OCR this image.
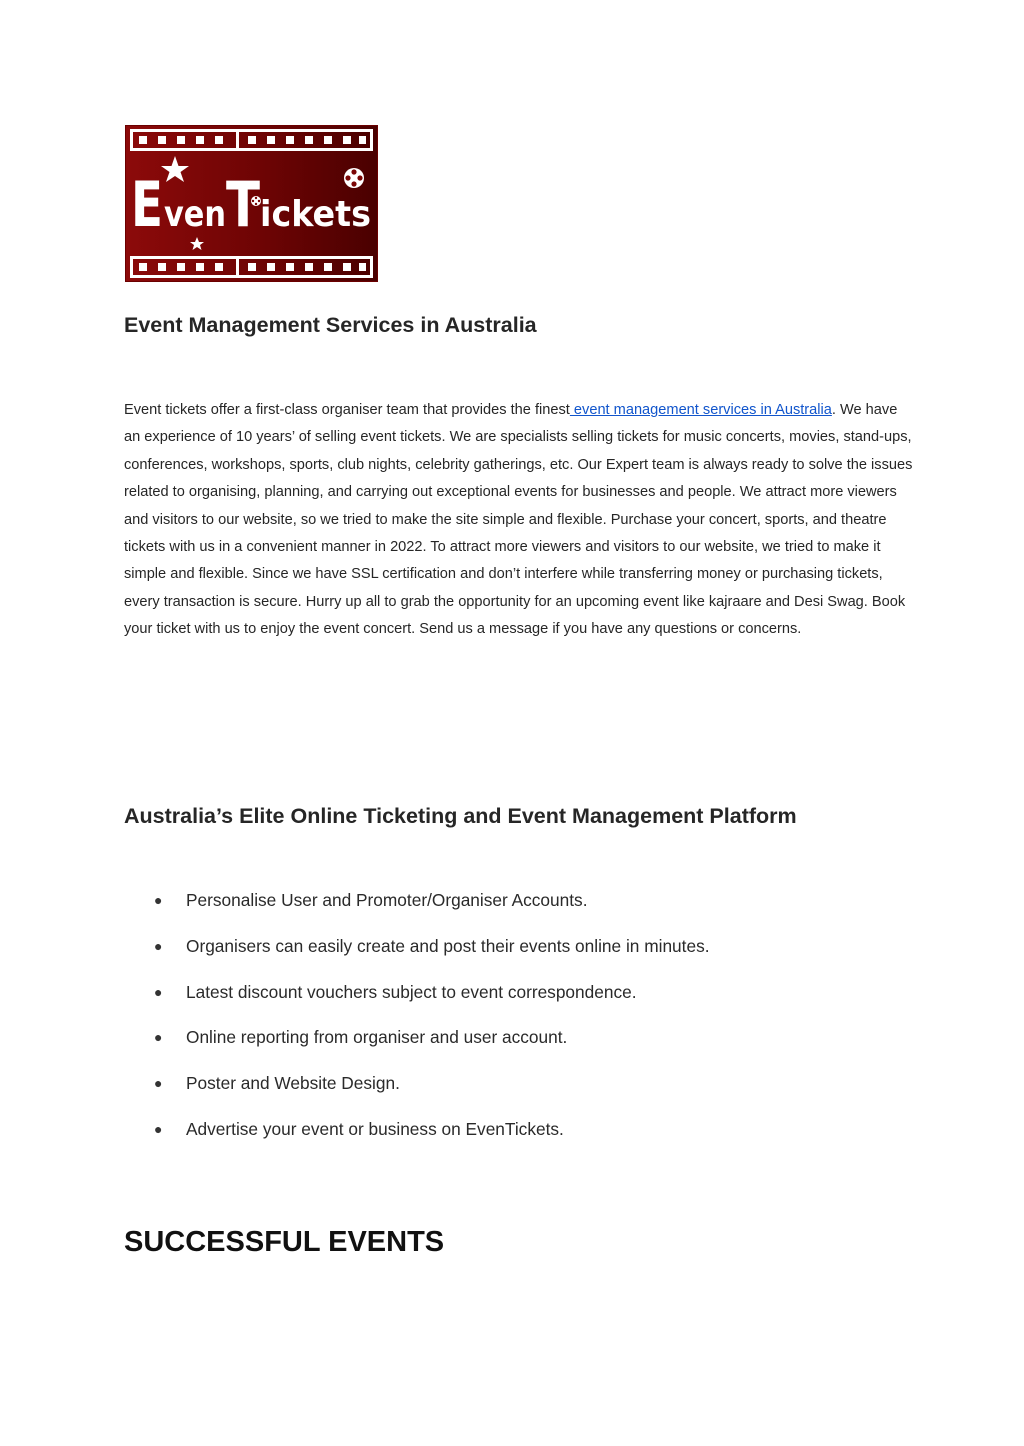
E ven T ickets
Event Management Services in Australia

Event tickets offer a first-class organiser team that provides the finest event management services in Australia. We have an experience of 10 years’ of selling event tickets. We are specialists selling tickets for music concerts, movies, stand-ups, conferences, workshops, sports, club nights, celebrity gatherings, etc. Our Expert team is always ready to solve the issues related to organising, planning, and carrying out exceptional events for businesses and people. We attract more viewers and visitors to our website, so we tried to make the site simple and flexible. Purchase your concert, sports, and theatre tickets with us in a convenient manner in 2022. To attract more viewers and visitors to our website, we tried to make it simple and flexible. Since we have SSL certification and don’t interfere while transferring money or purchasing tickets, every transaction is secure. Hurry up all to grab the opportunity for an upcoming event like kajraare and Desi Swag. Book your ticket with us to enjoy the event concert. Send us a message if you have any questions or concerns.

Australia’s Elite Online Ticketing and Event Management Platform
● Personalise User and Promoter/Organiser Accounts.
● Organisers can easily create and post their events online in minutes.
● Latest discount vouchers subject to event correspondence.
● Online reporting from organiser and user account.
● Poster and Website Design.
● Advertise your event or business on EvenTickets.
SUCCESSFUL EVENTS
